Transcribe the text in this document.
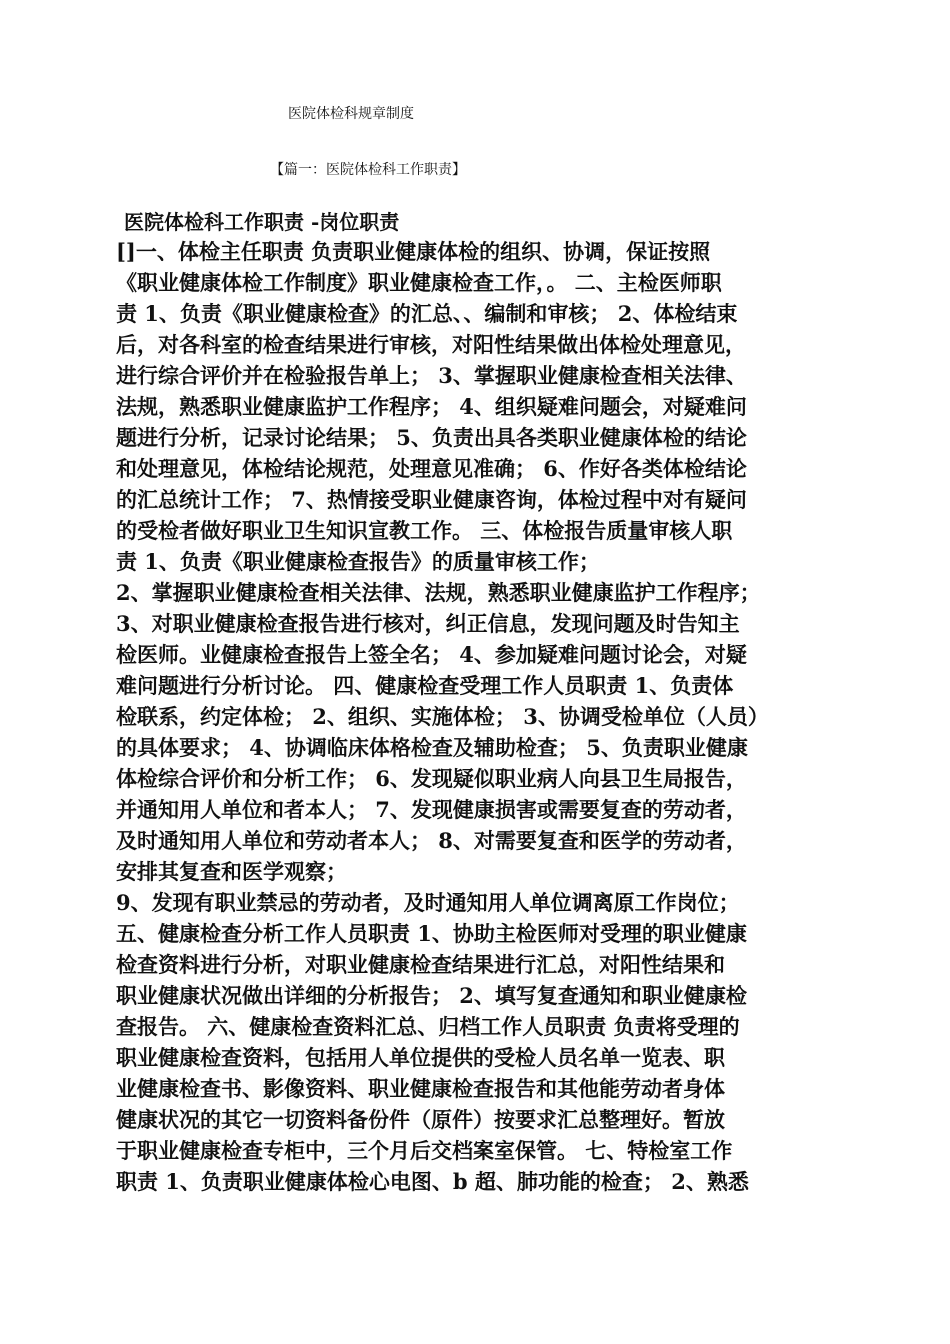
医院体检科规章制度
【篇一：医院体检科工作职责】
医院体检科工作职责 -岗位职责
[]一、体检主任职责 负责职业健康体检的组织、协调，保证按照
《职业健康体检工作制度》职业健康检查工作，。 二、主检医师职
责 1、负责《职业健康检查》的汇总、、编制和审核； 2、体检结束
后，对各科室的检查结果进行审核，对阳性结果做出体检处理意见，
进行综合评价并在检验报告单上； 3、掌握职业健康检查相关法律、
法规，熟悉职业健康监护工作程序； 4、组织疑难问题会，对疑难问
题进行分析，记录讨论结果； 5、负责出具各类职业健康体检的结论
和处理意见，体检结论规范，处理意见准确； 6、作好各类体检结论
的汇总统计工作； 7、热情接受职业健康咨询，体检过程中对有疑问
的受检者做好职业卫生知识宣教工作。 三、体检报告质量审核人职
责 1、负责《职业健康检查报告》的质量审核工作；
2、掌握职业健康检查相关法律、法规，熟悉职业健康监护工作程序；
3、对职业健康检查报告进行核对，纠正信息，发现问题及时告知主
检医师。业健康检查报告上签全名； 4、参加疑难问题讨论会，对疑
难问题进行分析讨论。 四、健康检查受理工作人员职责 1、负责体
检联系，约定体检； 2、组织、实施体检； 3、协调受检单位（人员）
的具体要求； 4、协调临床体格检查及辅助检查； 5、负责职业健康
体检综合评价和分析工作； 6、发现疑似职业病人向县卫生局报告，
并通知用人单位和者本人； 7、发现健康损害或需要复查的劳动者，
及时通知用人单位和劳动者本人； 8、对需要复查和医学的劳动者，
安排其复查和医学观察；
9、发现有职业禁忌的劳动者，及时通知用人单位调离原工作岗位；
五、健康检查分析工作人员职责 1、协助主检医师对受理的职业健康
检查资料进行分析，对职业健康检查结果进行汇总，对阳性结果和
职业健康状况做出详细的分析报告； 2、填写复查通知和职业健康检
查报告。 六、健康检查资料汇总、归档工作人员职责 负责将受理的
职业健康检查资料，包括用人单位提供的受检人员名单一览表、职
业健康检查书、影像资料、职业健康检查报告和其他能劳动者身体
健康状况的其它一切资料备份件（原件）按要求汇总整理好。暂放
于职业健康检查专柜中，三个月后交档案室保管。 七、特检室工作
职责 1、负责职业健康体检心电图、b 超、肺功能的检查； 2、熟悉
